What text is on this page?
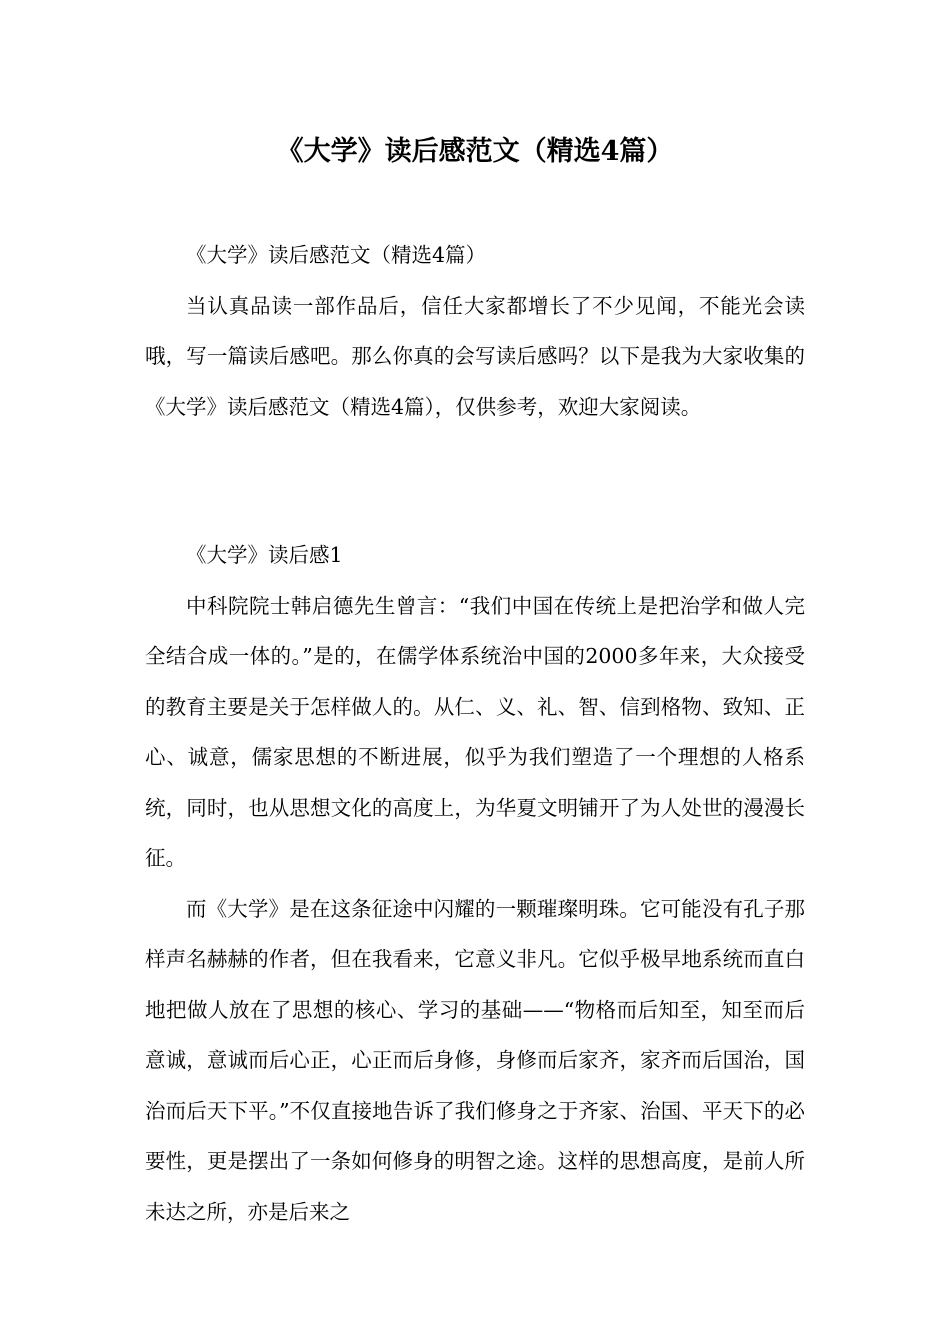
《大学》读后感范文（精选4篇）

《大学》读后感范文（精选4篇）

当认真品读一部作品后，信任大家都增长了不少见闻，不能光会读哦，写一篇读后感吧。那么你真的会写读后感吗？以下是我为大家收集的《大学》读后感范文（精选4篇），仅供参考，欢迎大家阅读。

《大学》读后感1

中科院院士韩启德先生曾言：“我们中国在传统上是把治学和做人完全结合成一体的。”是的，在儒学体系统治中国的2000多年来，大众接受的教育主要是关于怎样做人的。从仁、义、礼、智、信到格物、致知、正心、诚意，儒家思想的不断进展，似乎为我们塑造了一个理想的人格系统，同时，也从思想文化的高度上，为华夏文明铺开了为人处世的漫漫长征。

而《大学》是在这条征途中闪耀的一颗璀璨明珠。它可能没有孔子那样声名赫赫的作者，但在我看来，它意义非凡。它似乎极早地系统而直白地把做人放在了思想的核心、学习的基础——“物格而后知至，知至而后意诚，意诚而后心正，心正而后身修，身修而后家齐，家齐而后国治，国治而后天下平。”不仅直接地告诉了我们修身之于齐家、治国、平天下的必要性，更是摆出了一条如何修身的明智之途。这样的思想高度，是前人所未达之所，亦是后来之
